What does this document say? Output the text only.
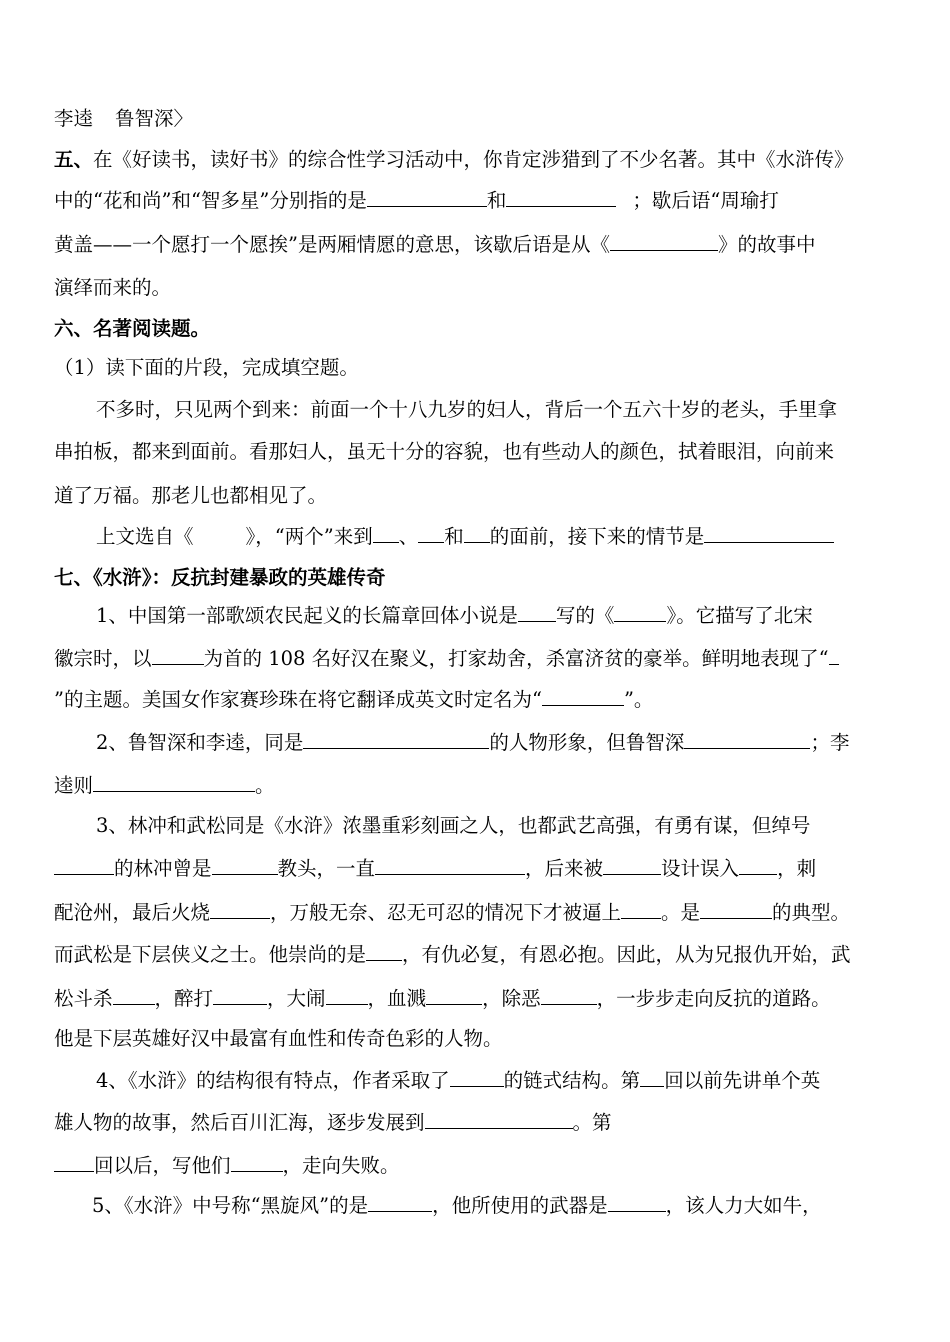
李逵 鲁智深〉
五、在《好读书，读好书》的综合性学习活动中，你肯定涉猎到了不少名著。其中《水浒传》
中的“花和尚”和“智多星”分别指的是	和	；歇后语“周瑜打
黄盖——一个愿打一个愿挨”是两厢情愿的意思，该歇后语是从《	》的故事中
演绎而来的。
六、名著阅读题。
（1）读下面的片段，完成填空题。
不多时，只见两个到来：前面一个十八九岁的妇人，背后一个五六十岁的老头，手里拿
串拍板，都来到面前。看那妇人，虽无十分的容貌，也有些动人的颜色，拭着眼泪，向前来
道了万福。那老儿也都相见了。
上文选自《	》，“两个”来到 、 和 的面前，接下来的情节是
七、《水浒》：反抗封建暴政的英雄传奇
1、中国第一部歌颂农民起义的长篇章回体小说是 写的《	》。它描写了北宋
徽宗时，以	为首的 108 名好汉在聚义，打家劫舍，杀富济贫的豪举。鲜明地表现了“
”的主题。美国女作家赛珍珠在将它翻译成英文时定名为“	”。
2、鲁智深和李逵，同是	的人物形象，但鲁智深	；李
逵则	。
3、林冲和武松同是《水浒》浓墨重彩刻画之人，也都武艺高强，有勇有谋，但绰号
的林冲曾是	教头，一直	，后来被	设计误入 ，刺
配沧州，最后火烧	，万般无奈、忍无可忍的情况下才被逼上 。是	的典型。
而武松是下层侠义之士。他崇尚的是 ，有仇必复，有恩必抱。因此，从为兄报仇开始，武
松斗杀 ，醉打	，大闹 ，血溅	，除恶	，一步步走向反抗的道路。
他是下层英雄好汉中最富有血性和传奇色彩的人物。
4、《水浒》的结构很有特点，作者采取了	的链式结构。第 回以前先讲单个英
雄人物的故事，然后百川汇海，逐步发展到	。第
回以后，写他们	，走向失败。
5、《水浒》中号称“黑旋风”的是	，他所使用的武器是	，该人力大如牛，
